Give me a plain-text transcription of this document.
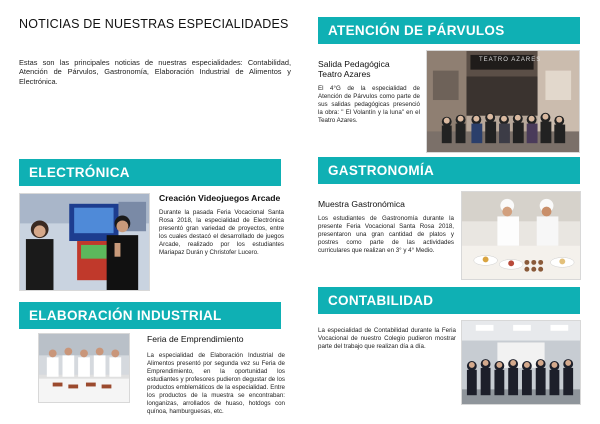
NOTICIAS DE NUESTRAS ESPECIALIDADES

Estas son las principales noticias de nuestras especialidades: Contabilidad, Atención de Párvulos, Gastronomía, Elaboración Industrial de Alimentos y Electrónica.

ATENCIÓN DE PÁRVULOS
Salida Pedagógica
Teatro Azares

El 4°G de la especialidad de Atención de Párvulos como parte de sus salidas pedagógicas presenció la obra: " El Volantín y la luna" en el Teatro Azares.

TEATRO AZARES
ELECTRÓNICA
Creación Videojuegos Arcade

Durante la pasada Feria Vocacional Santa Rosa 2018, la especialidad de Electrónica presentó gran variedad de proyectos, entre los cuales destacó el desarrollado de juegos Arcade, realizado por los estudiantes Mariapaz Durán y Christofer Lucero.

GASTRONOMÍA
Muestra Gastronómica

Los estudiantes de Gastronomía durante la presente Feria Vocacional Santa Rosa 2018, presentaron una gran cantidad de platos y postres como parte de las actividades curriculares que realizan en 3° y 4° Medio.

ELABORACIÓN INDUSTRIAL
Feria de Emprendimiento

La especialidad de Elaboración Industrial de Alimentos presentó por segunda vez su Feria de Emprendimiento, en la oportunidad los estudiantes y profesores pudieron degustar de los productos emblemáticos de la especialidad. Entre los productos de la muestra se encontraban: longanizas, arrollados de huaso, hotdogs con quínoa, hamburguesas, etc.

CONTABILIDAD

La especialidad de Contabilidad durante la Feria Vocacional de nuestro Colegio pudieron mostrar parte del trabajo que realizan día a día.
